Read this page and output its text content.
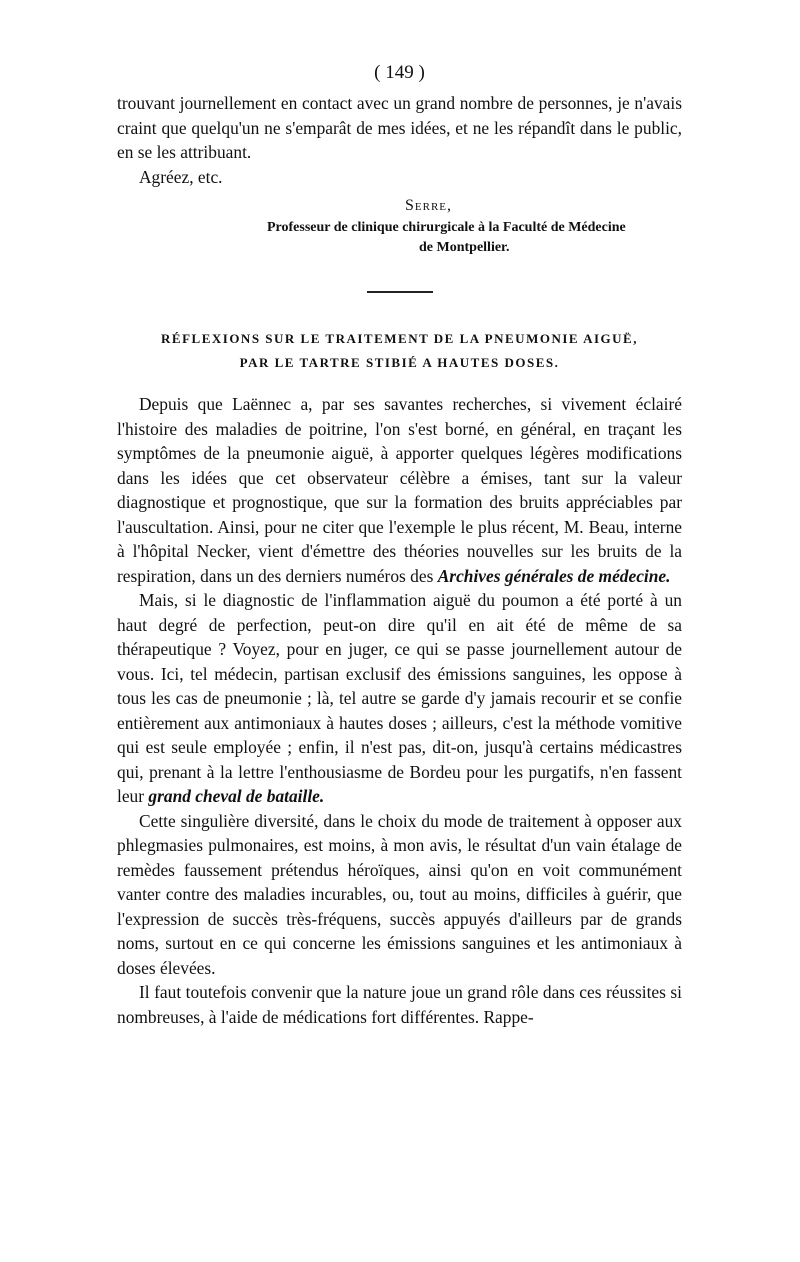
( 149 )

trouvant journellement en contact avec un grand nombre de personnes, je n'avais craint que quelqu'un ne s'emparât de mes idées, et ne les répandît dans le public, en se les attribuant.

Agréez, etc.

Serre,
Professeur de clinique chirurgicale à la Faculté de Médecine
de Montpellier.
RÉFLEXIONS SUR LE TRAITEMENT DE LA PNEUMONIE AIGUË,
PAR LE TARTRE STIBIÉ A HAUTES DOSES.

Depuis que Laënnec a, par ses savantes recherches, si vivement éclairé l'histoire des maladies de poitrine, l'on s'est borné, en général, en traçant les symptômes de la pneumonie aiguë, à apporter quelques légères modifications dans les idées que cet observateur célèbre a émises, tant sur la valeur diagnostique et prognostique, que sur la formation des bruits appréciables par l'auscultation. Ainsi, pour ne citer que l'exemple le plus récent, M. Beau, interne à l'hôpital Necker, vient d'émettre des théories nouvelles sur les bruits de la respiration, dans un des derniers numéros des Archives générales de médecine.

Mais, si le diagnostic de l'inflammation aiguë du poumon a été porté à un haut degré de perfection, peut-on dire qu'il en ait été de même de sa thérapeutique ? Voyez, pour en juger, ce qui se passe journellement autour de vous. Ici, tel médecin, partisan exclusif des émissions sanguines, les oppose à tous les cas de pneumonie ; là, tel autre se garde d'y jamais recourir et se confie entièrement aux antimoniaux à hautes doses ; ailleurs, c'est la méthode vomitive qui est seule employée ; enfin, il n'est pas, dit-on, jusqu'à certains médicastres qui, prenant à la lettre l'enthousiasme de Bordeu pour les purgatifs, n'en fassent leur grand cheval de bataille.

Cette singulière diversité, dans le choix du mode de traitement à opposer aux phlegmasies pulmonaires, est moins, à mon avis, le résultat d'un vain étalage de remèdes faussement prétendus héroïques, ainsi qu'on en voit communément vanter contre des maladies incurables, ou, tout au moins, difficiles à guérir, que l'expression de succès très-fréquens, succès appuyés d'ailleurs par de grands noms, surtout en ce qui concerne les émissions sanguines et les antimoniaux à doses élevées.

Il faut toutefois convenir que la nature joue un grand rôle dans ces réussites si nombreuses, à l'aide de médications fort différentes. Rappe-
